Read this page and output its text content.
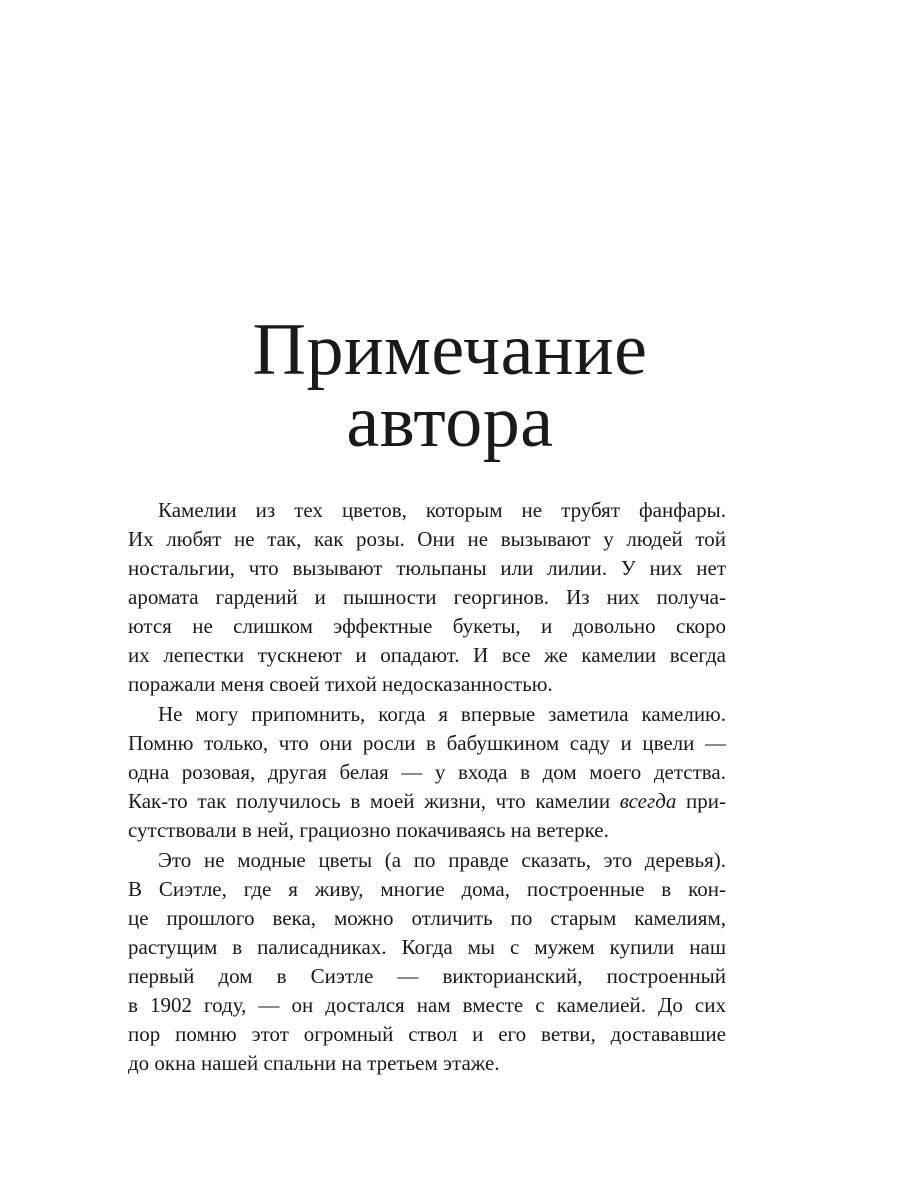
Примечание
автора
Камелии из тех цветов, которым не трубят фанфары.
Их любят не так, как розы. Они не вызывают у людей той
ностальгии, что вызывают тюльпаны или лилии. У них нет
аромата гардений и пышности георгинов. Из них получа-
ются не слишком эффектные букеты, и довольно скоро
их лепестки тускнеют и опадают. И все же камелии всегда
поражали меня своей тихой недосказанностью.
Не могу припомнить, когда я впервые заметила камелию.
Помню только, что они росли в бабушкином саду и цвели —
одна розовая, другая белая — у входа в дом моего детства.
Как-то так получилось в моей жизни, что камелии всегда при-
сутствовали в ней, грациозно покачиваясь на ветерке.
Это не модные цветы (а по правде сказать, это деревья).
В Сиэтле, где я живу, многие дома, построенные в кон-
це прошлого века, можно отличить по старым камелиям,
растущим в палисадниках. Когда мы с мужем купили наш
первый дом в Сиэтле — викторианский, построенный
в 1902 году, — он достался нам вместе с камелией. До сих
пор помню этот огромный ствол и его ветви, достававшие
до окна нашей спальни на третьем этаже.
